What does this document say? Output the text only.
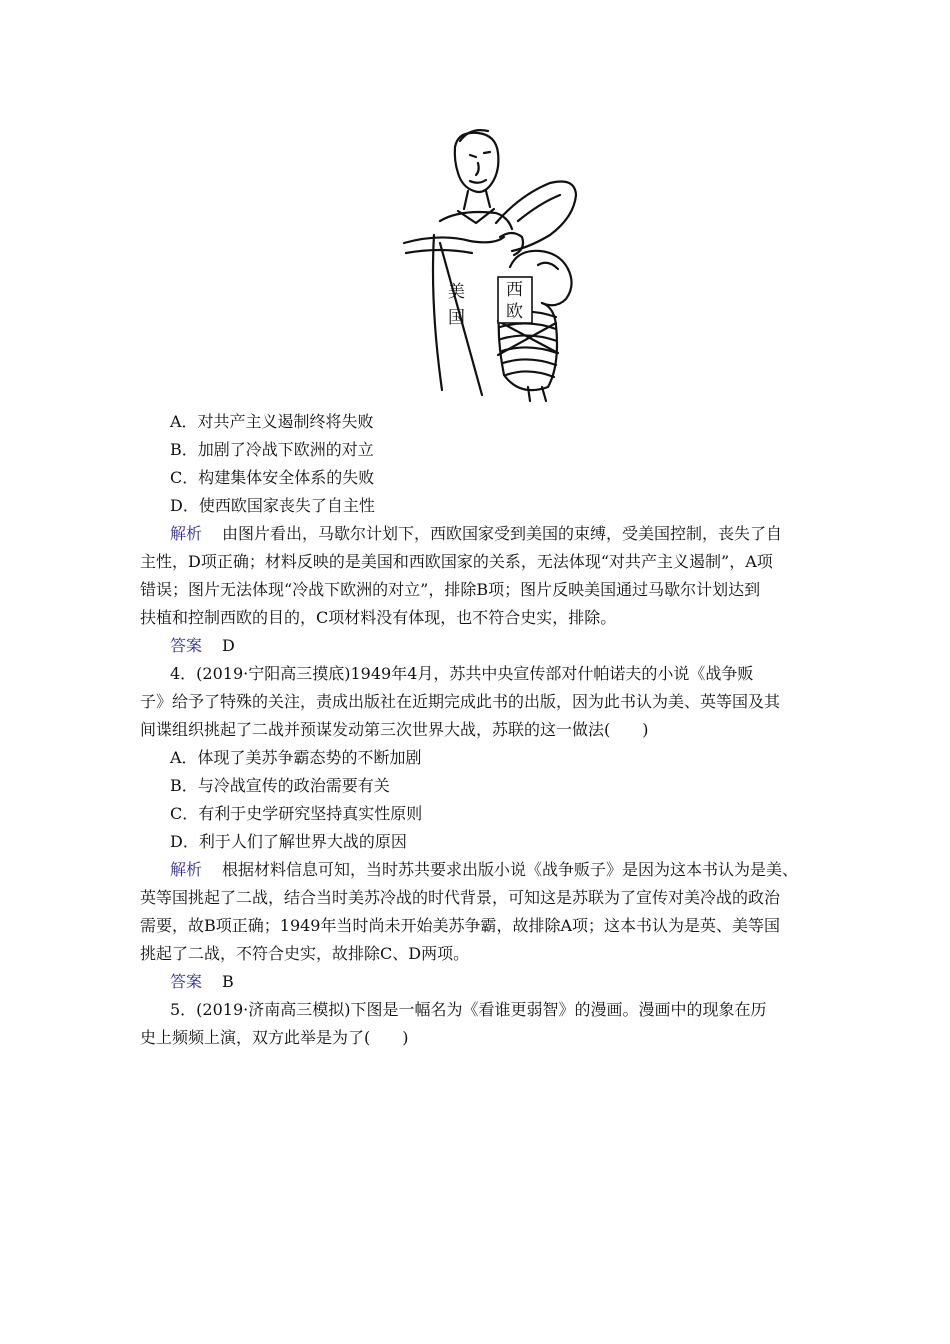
美
国
西
欧
A．对共产主义遏制终将失败
B．加剧了冷战下欧洲的对立
C．构建集体安全体系的失败
D．使西欧国家丧失了自主性
解析 由图片看出，马歇尔计划下，西欧国家受到美国的束缚，受美国控制，丧失了自
主性，D项正确；材料反映的是美国和西欧国家的关系，无法体现“对共产主义遏制”，A项
错误；图片无法体现“冷战下欧洲的对立”，排除B项；图片反映美国通过马歇尔计划达到
扶植和控制西欧的目的，C项材料没有体现，也不符合史实，排除。
答案 D
4．(2019·宁阳高三摸底)1949年4月，苏共中央宣传部对什帕诺夫的小说《战争贩
子》给予了特殊的关注，责成出版社在近期完成此书的出版，因为此书认为美、英等国及其
间谍组织挑起了二战并预谋发动第三次世界大战，苏联的这一做法(　　)
A．体现了美苏争霸态势的不断加剧
B．与冷战宣传的政治需要有关
C．有利于史学研究坚持真实性原则
D．利于人们了解世界大战的原因
解析 根据材料信息可知，当时苏共要求出版小说《战争贩子》是因为这本书认为是美、
英等国挑起了二战，结合当时美苏冷战的时代背景，可知这是苏联为了宣传对美冷战的政治
需要，故B项正确；1949年当时尚未开始美苏争霸，故排除A项；这本书认为是英、美等国
挑起了二战，不符合史实，故排除C、D两项。
答案 B
5．(2019·济南高三模拟)下图是一幅名为《看谁更弱智》的漫画。漫画中的现象在历
史上频频上演，双方此举是为了(　　)
